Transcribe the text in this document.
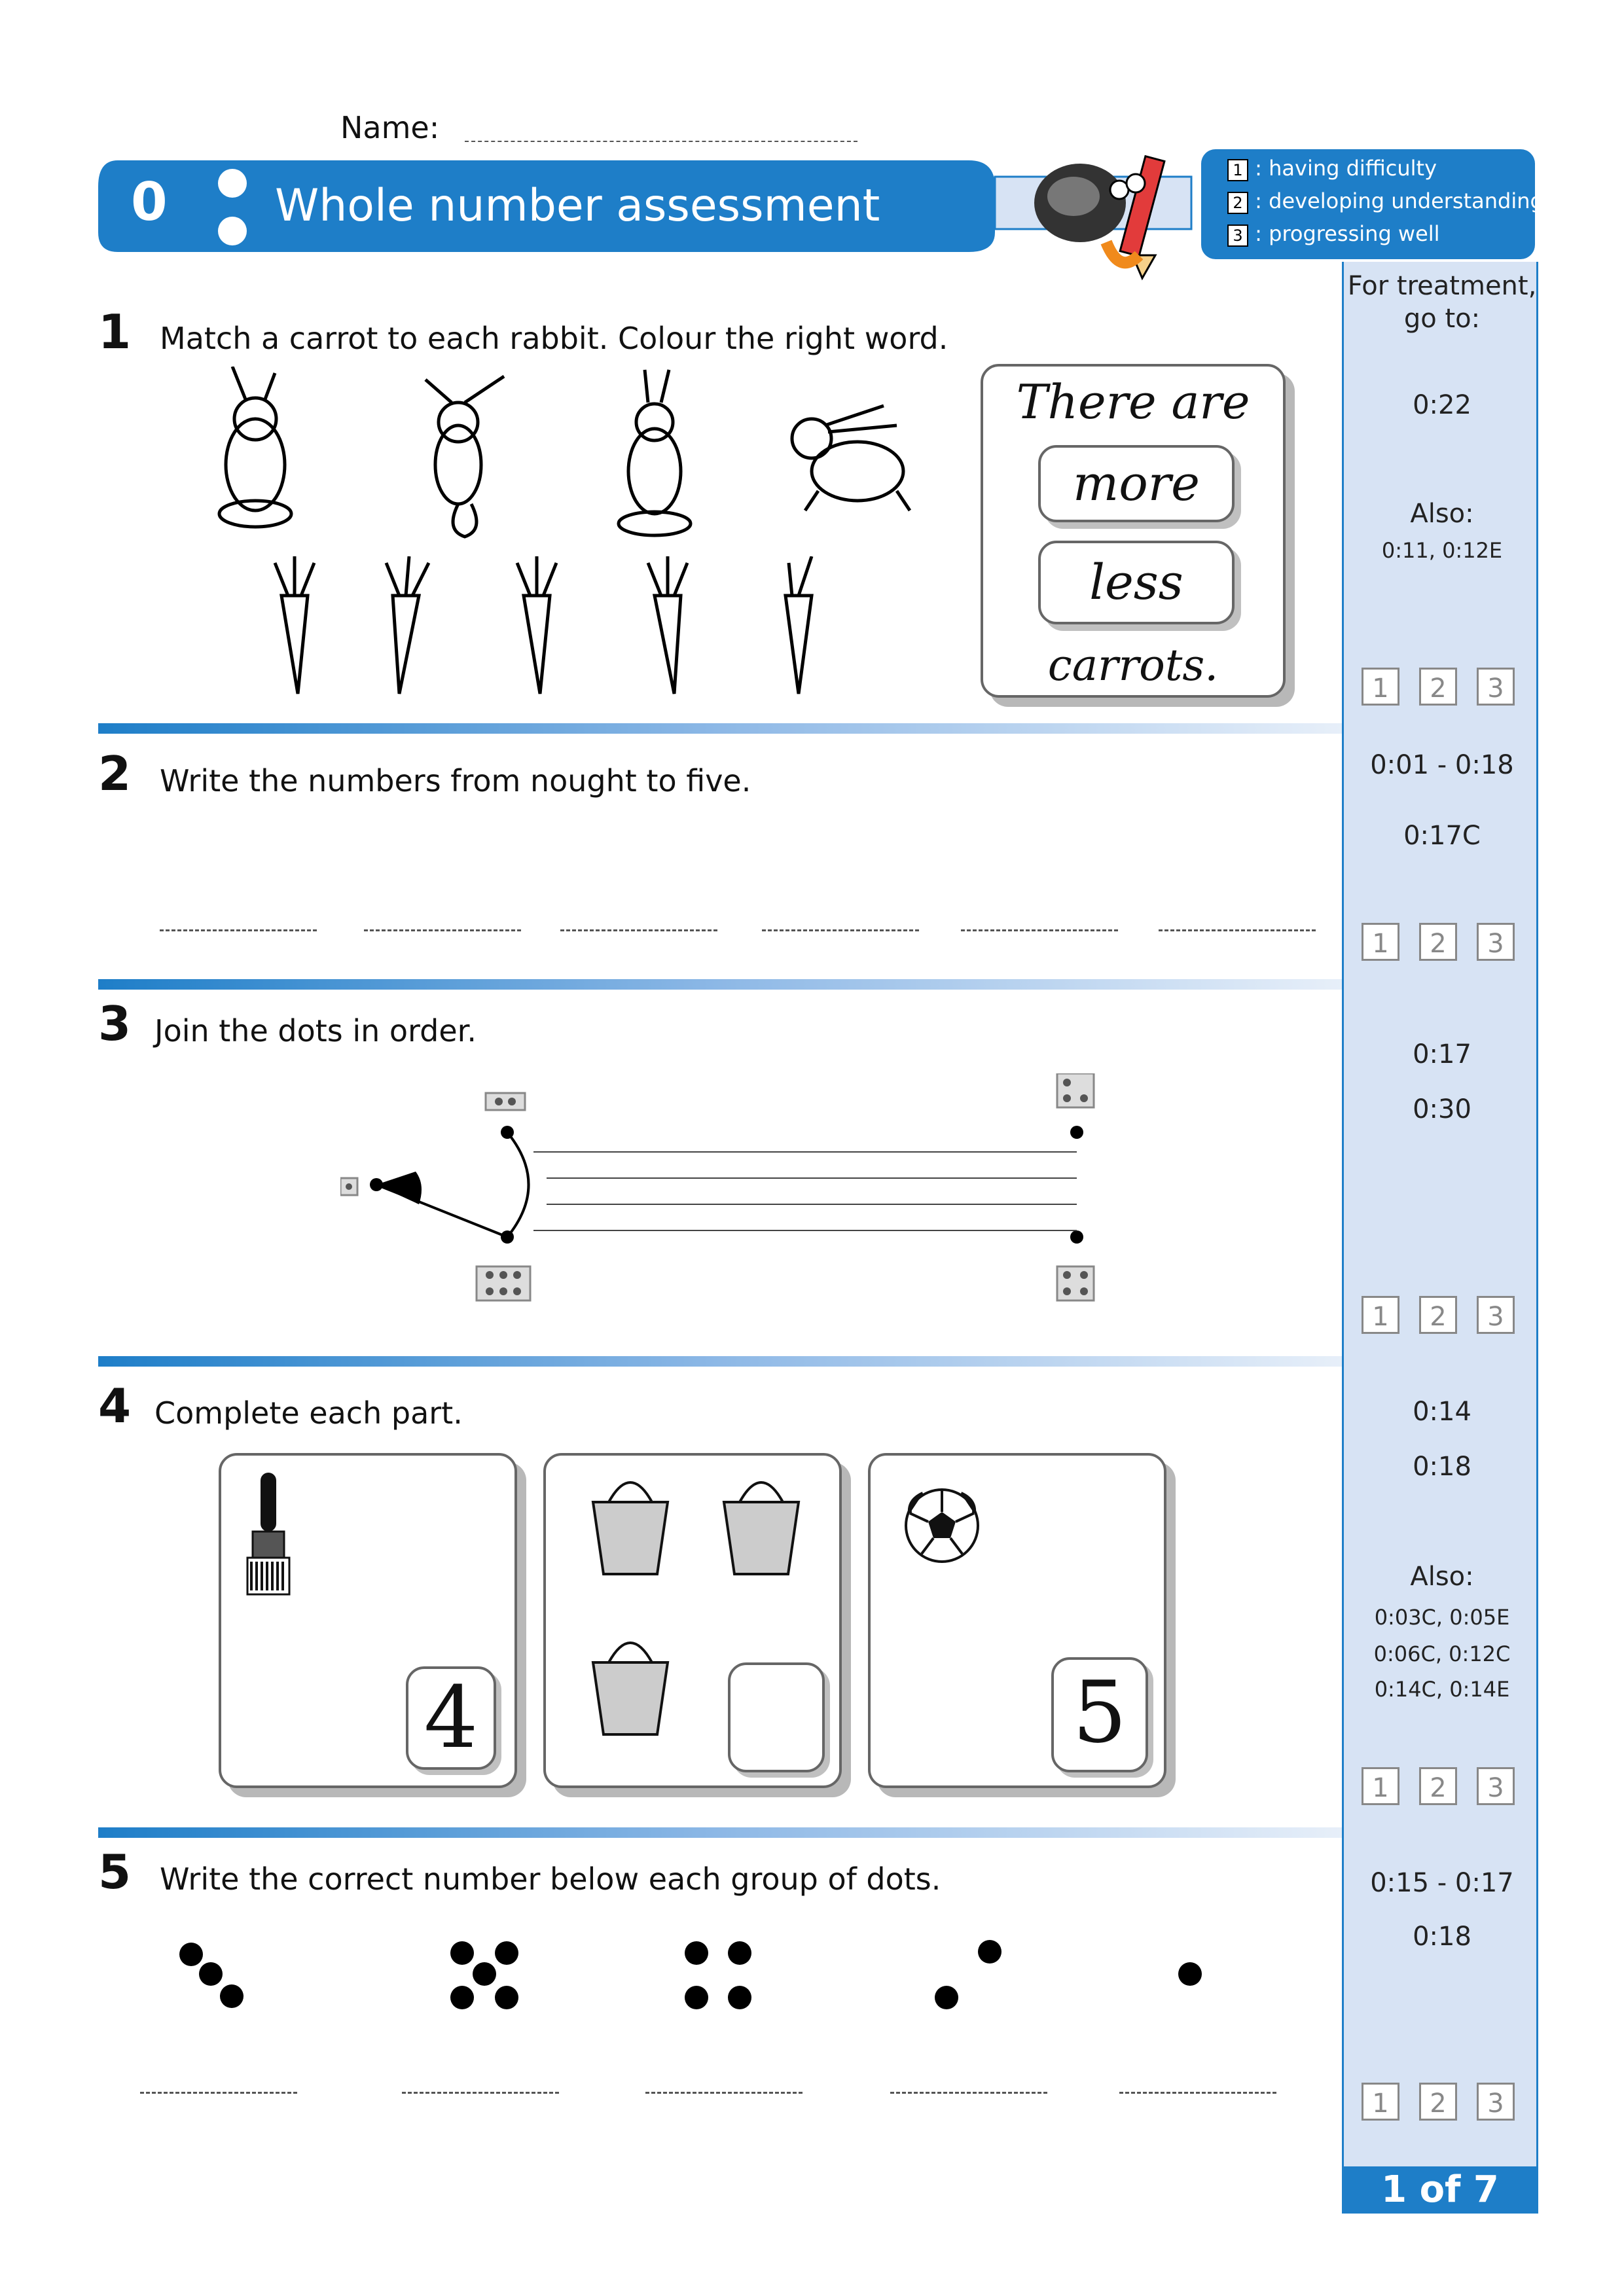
Name:
0 Whole number assessment
1 : having difficulty
2 : developing understanding
3 : progressing well
For treatment,
go to:
0:22
Also:
0:11, 0:12E
0:01 - 0:18
0:17C
0:17
0:30
0:14
0:18
Also:
0:03C, 0:05E
0:06C, 0:12C
0:14C, 0:14E
0:15 - 0:17
0:18
1	2	3
1	2	3
1	2	3
1	2	3
1	2	3
1 of 7
1 Match a carrot to each rabbit. Colour the right word.
There are
more
less
carrots.
2 Write the numbers from nought to five.
3 Join the dots in order.
4 Complete each part.
4	5
5 Write the correct number below each group of dots.
